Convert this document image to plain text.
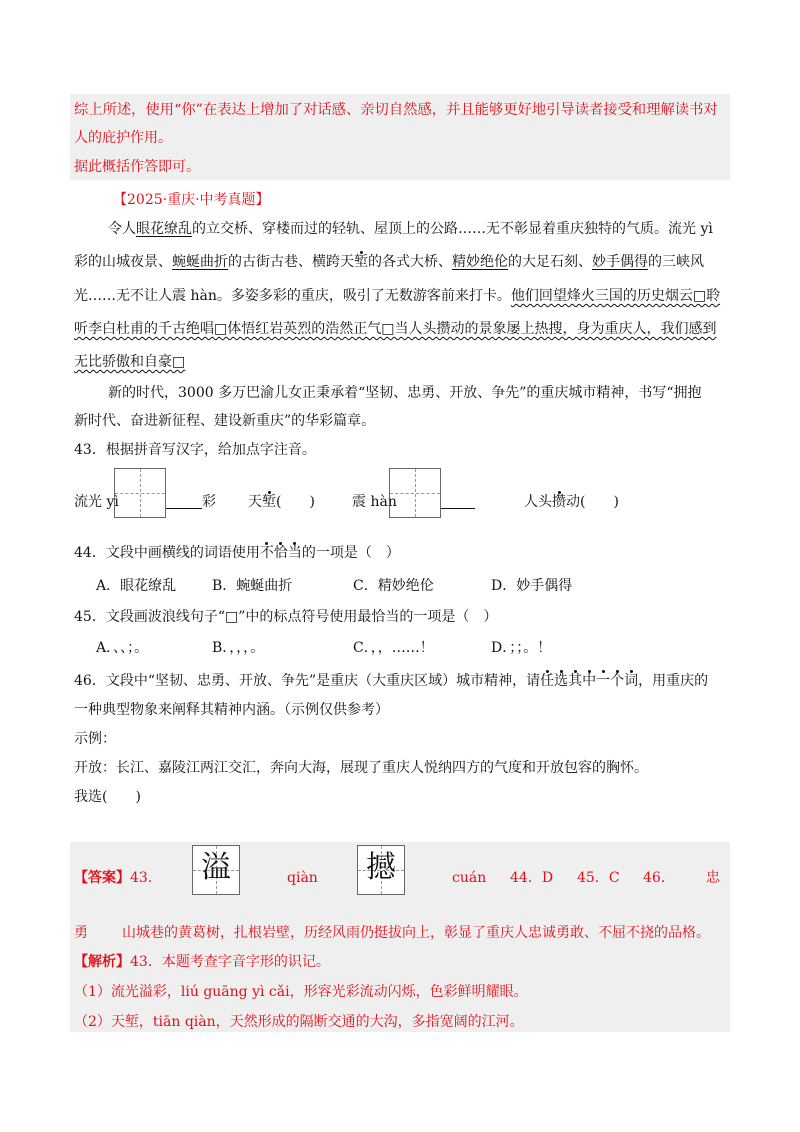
综上所述，使用“你”在表达上增加了对话感、亲切自然感，并且能够更好地引导读者接受和理解读书对
人的庇护作用。
据此概括作答即可。
【2025·重庆·中考真题】
令人眼花缭乱的立交桥、穿楼而过的轻轨、屋顶上的公路……无不彰显着重庆独特的气质。流光 yì
彩的山城夜景、蜿蜒曲折的古街古巷、横跨天堑的各式大桥、精妙绝伦的大足石刻、妙手偶得的三峡风
光……无不让人震 hàn。多姿多彩的重庆，吸引了无数游客前来打卡。他们回望烽火三国的历史烟云□聆
听李白杜甫的千古绝唱□体悟红岩英烈的浩然正气□当人头攒动的景象屡上热搜，身为重庆人，我们感到
无比骄傲和自豪□
新的时代，3000 多万巴渝儿女正秉承着“坚韧、忠勇、开放、争先”的重庆城市精神，书写“拥抱
新时代、奋进新征程、建设新重庆”的华彩篇章。
43．根据拼音写汉字，给加点字注音。
流光 yì	彩 天堑(　　)	震 hàn	人头攒动(　　)
44．文段中画横线的词语使用不恰当的一项是（　）
A．眼花缭乱	B．蜿蜒曲折	C．精妙绝伦	D．妙手偶得
45．文段画波浪线句子“□”中的标点符号使用最恰当的一项是（　）
A．、、；。	B．，，，。	C．，，……！	D．；；。！
46．文段中“坚韧、忠勇、开放、争先”是重庆（大重庆区域）城市精神，请任选其中一个词，用重庆的
一种典型物象来阐释其精神内涵。（示例仅供参考）
示例：
开放：长江、嘉陵江两江交汇，奔向大海，展现了重庆人悦纳四方的气度和开放包容的胸怀。
我选(　　)
【答案】43. 溢	qiàn 撼	cuán 44．D 45．C 46． 忠
勇 山城巷的黄葛树，扎根岩壁，历经风雨仍挺拔向上，彰显了重庆人忠诚勇敢、不屈不挠的品格。
【解析】43．本题考查字音字形的识记。
（1）流光溢彩，liú guāng yì cǎi，形容光彩流动闪烁，色彩鲜明耀眼。
（2）天堑，tiān qiàn，天然形成的隔断交通的大沟，多指宽阔的江河。
